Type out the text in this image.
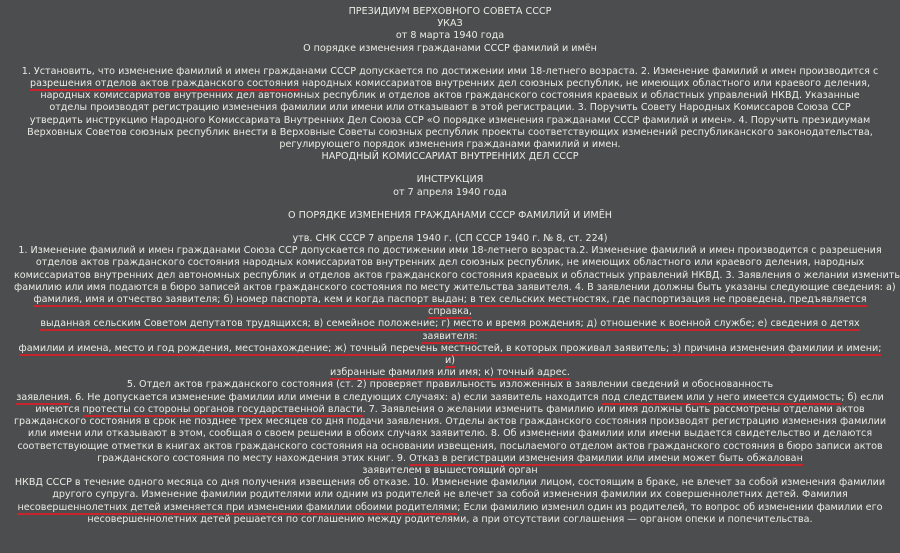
ПРЕЗИДИУМ ВЕРХОВНОГО СОВЕТА СССР
УКАЗ
от 8 марта 1940 года
О порядке изменения гражданами СССР фамилий и имён
1. Установить, что изменение фамилий и имен гражданами СССР допускается по достижении ими 18-летнего возраста. 2. Изменение фамилий и имен производится с
разрешения отделов актов гражданского состояния народных комиссариатов внутренних дел союзных республик, не имеющих областного или краевого деления,
народных комиссариатов внутренних дел автономных республик и отделов актов гражданского состояния краевых и областных управлений НКВД. Указанные
отделы производят регистрацию изменения фамилии или имени или отказывают в этой регистрации. 3. Поручить Совету Народных Комиссаров Союза ССР
утвердить инструкцию Народного Комиссариата Внутренних Дел Союза ССР «О порядке изменения гражданами СССР фамилий и имен». 4. Поручить президиумам
Верховных Советов союзных республик внести в Верховные Советы союзных республик проекты соответствующих изменений республиканского законодательства,
регулирующего порядок изменения гражданами фамилий и имен.
НАРОДНЫЙ КОМИССАРИАТ ВНУТРЕННИХ ДЕЛ СССР
ИНСТРУКЦИЯ
от 7 апреля 1940 года
О ПОРЯДКЕ ИЗМЕНЕНИЯ ГРАЖДАНАМИ СССР ФАМИЛИЙ И ИМЁН
утв. СНК СССР 7 апреля 1940 г. (СП СССР 1940 г. № 8, ст. 224)
1. Изменение фамилий и имен гражданами Союза ССР допускается по достижении ими 18-летнего возраста.2. Изменение фамилий и имен производится с разрешения
отделов актов гражданского состояния народных комиссариатов внутренних дел союзных республик, не имеющих областного или краевого деления, народных
комиссариатов внутренних дел автономных республик и отделов актов гражданского состояния краевых и областных управлений НКВД. 3. Заявления о желании изменить
фамилию или имя подаются в бюро записей актов гражданского состояния по месту жительства заявителя. 4. В заявлении должны быть указаны следующие сведения: а)
фамилия, имя и отчество заявителя; б) номер паспорта, кем и когда паспорт выдан; в тех сельских местностях, где паспортизация не проведена, предъявляется справка,
выданная сельским Советом депутатов трудящихся; в) семейное положение; г) место и время рождения; д) отношение к военной службе; е) сведения о детях заявителя:
фамилии и имена, место и год рождения, местонахождение; ж) точный перечень местностей, в которых проживал заявитель; з) причина изменения фамилии и имени; и)
избранные фамилия или имя; к) точный адрес. 5. Отдел актов гражданского состояния (ст. 2) проверяет правильность изложенных в заявлении сведений и обоснованность
заявления. 6. Не допускается изменение фамилии или имени в следующих случаях: а) если заявитель находится под следствием или у него имеется судимость; б) если
имеются протесты со стороны органов государственной власти. 7. Заявления о желании изменить фамилию или имя должны быть рассмотрены отделами актов
гражданского состояния в срок не позднее трех месяцев со дня подачи заявления. Отделы актов гражданского состояния производят регистрацию изменения фамилии
или имени или отказывают в этом, сообщая о своем решении в обоих случаях заявителю. 8. Об изменении фамилии или имени выдается свидетельство и делаются
соответствующие отметки в книгах актов гражданского состояния на основании извещения, посылаемого отделом актов гражданского состояния в бюро записи актов
гражданского состояния по месту нахождения этих книг. 9. Отказ в регистрации изменения фамилии или имени может быть обжалован заявителем в вышестоящий орган
НКВД СССР в течение одного месяца со дня получения извещения об отказе. 10. Изменение фамилии лицом, состоящим в браке, не влечет за собой изменения фамилии
другого супруга. Изменение фамилии родителями или одним из родителей не влечет за собой изменения фамилии их совершеннолетних детей. Фамилия
несовершеннолетних детей изменяется при изменении фамилии обоими родителями; Если фамилию изменил один из родителей, то вопрос об изменении фамилии его
несовершеннолетних детей решается по соглашению между родителями, а при отсутствии соглашения — органом опеки и попечительства.
